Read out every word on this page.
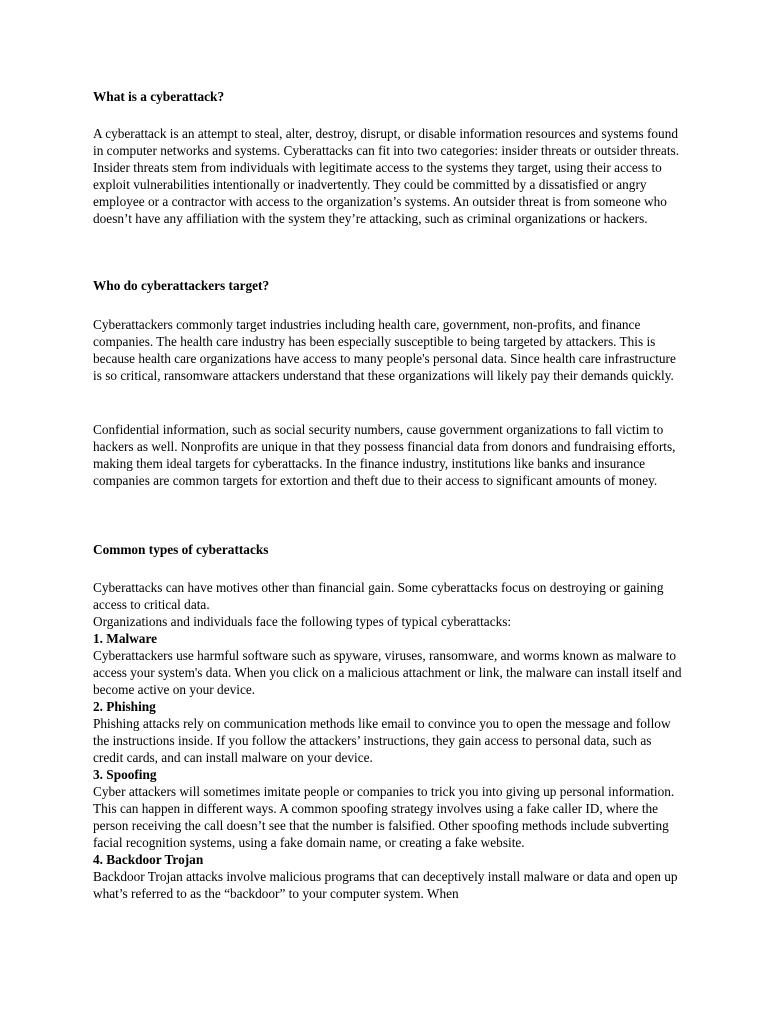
What is a cyberattack?

A cyberattack is an attempt to steal, alter, destroy, disrupt, or disable information resources and systems found in computer networks and systems. Cyberattacks can fit into two categories: insider threats or outsider threats. Insider threats stem from individuals with legitimate access to the systems they target, using their access to exploit vulnerabilities intentionally or inadvertently. They could be committed by a dissatisfied or angry employee or a contractor with access to the organization’s systems. An outsider threat is from someone who doesn’t have any affiliation with the system they’re attacking, such as criminal organizations or hackers.

Who do cyberattackers target?

Cyberattackers commonly target industries including health care, government, non-profits, and finance companies. The health care industry has been especially susceptible to being targeted by attackers. This is because health care organizations have access to many people's personal data. Since health care infrastructure is so critical, ransomware attackers understand that these organizations will likely pay their demands quickly.

Confidential information, such as social security numbers, cause government organizations to fall victim to hackers as well. Nonprofits are unique in that they possess financial data from donors and fundraising efforts, making them ideal targets for cyberattacks. In the finance industry, institutions like banks and insurance companies are common targets for extortion and theft due to their access to significant amounts of money.

Common types of cyberattacks

Cyberattacks can have motives other than financial gain. Some cyberattacks focus on destroying or gaining access to critical data.

Organizations and individuals face the following types of typical cyberattacks:

1. Malware

Cyberattackers use harmful software such as spyware, viruses, ransomware, and worms known as malware to access your system's data. When you click on a malicious attachment or link, the malware can install itself and become active on your device.

2. Phishing

Phishing attacks rely on communication methods like email to convince you to open the message and follow the instructions inside. If you follow the attackers’ instructions, they gain access to personal data, such as credit cards, and can install malware on your device.

3. Spoofing

Cyber attackers will sometimes imitate people or companies to trick you into giving up personal information. This can happen in different ways. A common spoofing strategy involves using a fake caller ID, where the person receiving the call doesn’t see that the number is falsified. Other spoofing methods include subverting facial recognition systems, using a fake domain name, or creating a fake website.

4. Backdoor Trojan

Backdoor Trojan attacks involve malicious programs that can deceptively install malware or data and open up what’s referred to as the “backdoor” to your computer system. When
